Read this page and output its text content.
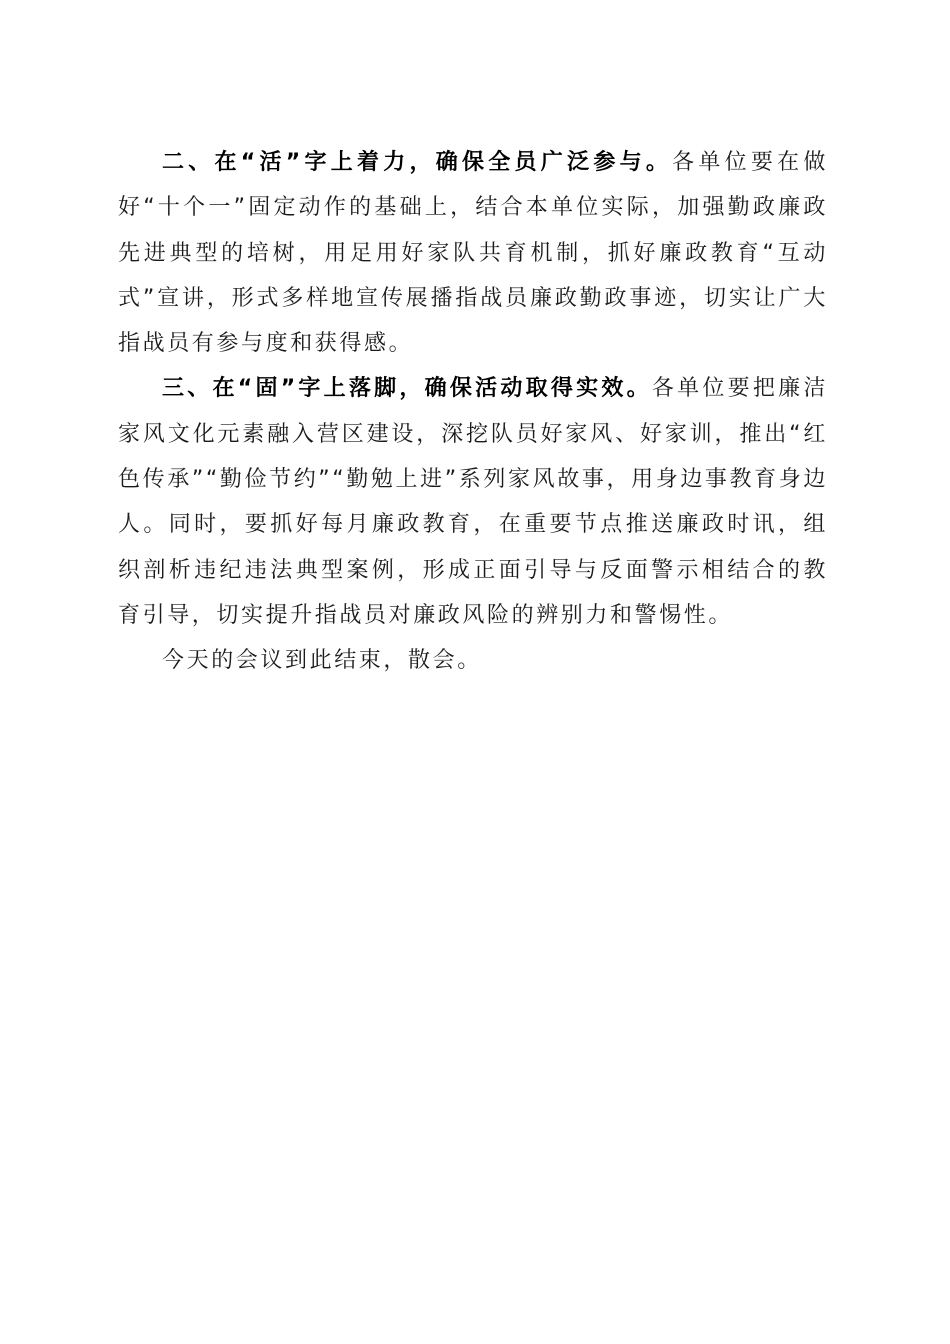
二、在“活”字上着力，确保全员广泛参与。各单位要在做好“十个一”固定动作的基础上，结合本单位实际，加强勤政廉政先进典型的培树，用足用好家队共育机制，抓好廉政教育“互动式”宣讲，形式多样地宣传展播指战员廉政勤政事迹，切实让广大指战员有参与度和获得感。

三、在“固”字上落脚，确保活动取得实效。各单位要把廉洁家风文化元素融入营区建设，深挖队员好家风、好家训，推出“红色传承”“勤俭节约”“勤勉上进”系列家风故事，用身边事教育身边人。同时，要抓好每月廉政教育，在重要节点推送廉政时讯，组织剖析违纪违法典型案例，形成正面引导与反面警示相结合的教育引导，切实提升指战员对廉政风险的辨别力和警惕性。

今天的会议到此结束，散会。
